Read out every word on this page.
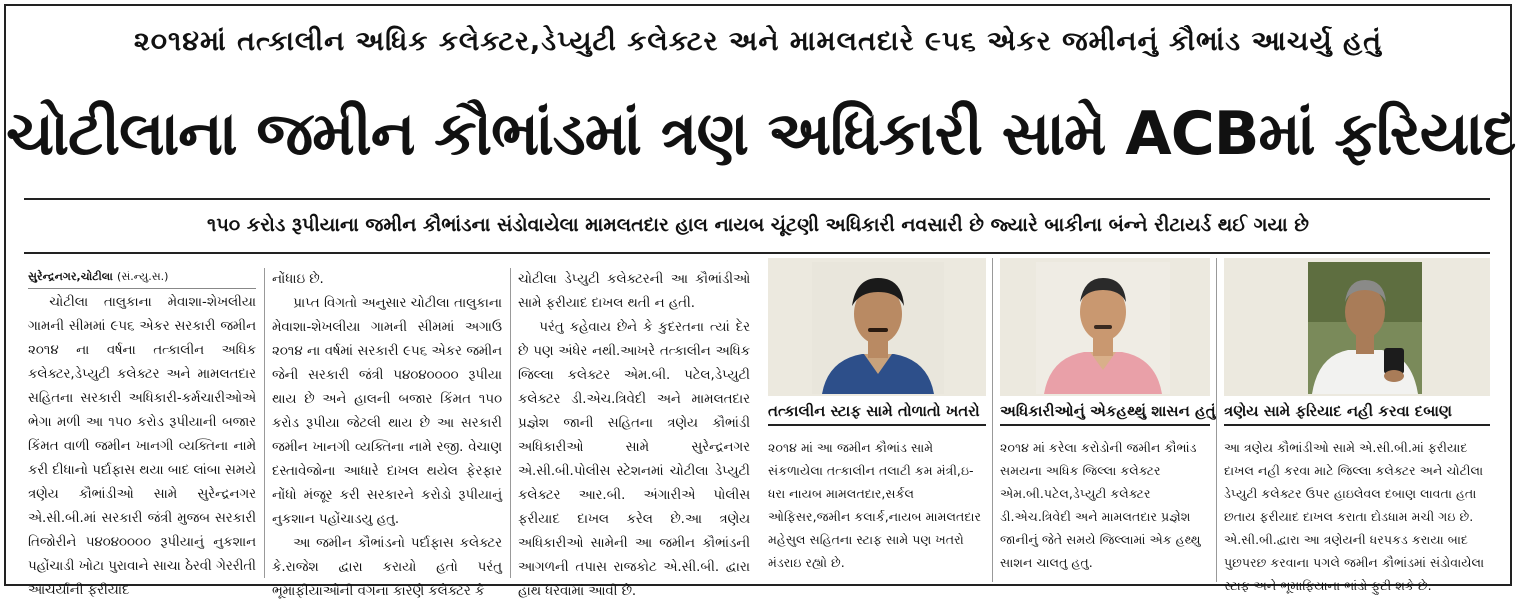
૨૦૧૪માં તત્કાલીન અધિક કલેક્ટર,ડેપ્યુટી કલેક્ટર અને મામલતદારે ૯૫૬ એકર જમીનનું કૌભાંડ આચર્યુ હતું
ચોટીલાના જમીન કૌભાંડમાં ત્રણ અધિકારી સામે ACBમાં ફરિયાદ
૧૫૦ કરોડ રૂપીયાના જમીન કૌભાંડના સંડોવાયેલા મામલતદાર હાલ નાયબ ચૂંટણી અધિકારી નવસારી છે જ્યારે બાકીના બંન્ને રીટાયર્ડ થઈ ગયા છે
સુરેન્દ્રનગર,ચોટીલા (સં.ન્યુ.સ.)

ચોટીલા તાલુકાના મેવાશા-શેખલીયા ગામની સીમમાં ૯૫૬ એકર સરકારી જમીન ૨૦૧૪ ના વર્ષના તત્કાલીન અધિક કલેક્ટર,ડેપ્યુટી કલેક્ટર અને મામલતદાર સહિતના સરકારી અધિકારી-કર્મચારીઓએ ભેગા મળી આ ૧૫૦ કરોડ રૂપીયાની બજાર કિંમત વાળી જમીન ખાનગી વ્યક્તિના નામે કરી દીધાનો પર્દાફાસ થયા બાદ લાંબા સમયે ત્રણેય કૌભાંડીઓ સામે સુરેન્દ્રનગર એ.સી.બી.માં સરકારી જંત્રી મુજબ સરકારી તિજોરીને ૫૪૦૪૦૦૦૦ રૂપીયાનું નુકશાન પહોંચાડી ખોટા પુરાવાને સાચા ઠેરવી ગેરરીતી આચર્યાની ફરીયાદ

નોંધાઇ છે.

પ્રાપ્ત વિગતો અનુસાર ચોટીલા તાલુકાના મેવાશા-શેખલીયા ગામની સીમમાં અગાઉ ૨૦૧૪ ના વર્ષમાં સરકારી ૯૫૬ એકર જમીન જેની સરકારી જંત્રી ૫૪૦૪૦૦૦૦ રૂપીયા થાય છે અને હાલની બજાર કિંમત ૧૫૦ કરોડ રૂપીયા જેટલી થાય છે આ સરકારી જમીન ખાનગી વ્યક્તિના નામે રજી. વેચાણ દસ્તાવેજોના આધારે દાખલ થયેલ ફેરફાર નોંધો મંજૂર કરી સરકારને કરોડો રૂપીયાનું નુકશાન પહોંચાડયુ હતુ.

આ જમીન કૌભાંડનો પર્દાફાસ કલેક્ટર કે.રાજેશ દ્વારા કરાયો હતો પરંતુ ભૂમાફીયાઓની વગના કારણે કલેક્ટર કે

ચોટીલા ડેપ્યુટી કલેક્ટરની આ કૌભાંડીઓ સામે ફરીયાદ દાખલ થતી ન હતી.

પરંતુ કહેવાય છેને કે કુદરતના ત્યાં દેર છે પણ અંધેર નથી.આખરે તત્કાલીન અધિક જિલ્લા કલેક્ટર એમ.બી. પટેલ,ડેપ્યુટી કલેક્ટર ડી.એચ.ત્રિવેદી અને મામલતદાર પ્રજ્ઞેશ જાની સહિતના ત્રણેય કૌભાંડી અધિકારીઓ સામે સુરેન્દ્રનગર એ.સી.બી.પોલીસ સ્ટેશનમાં ચોટીલા ડેપ્યુટી કલેક્ટર આર.બી. અંગારીએ પોલીસ ફરીયાદ દાખલ કરેલ છે.આ ત્રણેય અધિકારીઓ સામેની આ જમીન કૌભાંડની આગળની તપાસ રાજકોટ એ.સી.બી. દ્વારા હાથ ધરવામાં આવી છે.

તત્કાલીન સ્ટાફ સામે તોળાતો ખતરો
૨૦૧૪ માં આ જમીન કૌભાંડ સામે સંકળાયેલા તત્કાલીન તલાટી કમ મંત્રી,ઇ-ધરા નાયબ મામલતદાર,સર્કલ ઓફિસર,જમીન કલાર્ક,નાયબ મામલતદાર મહેસુલ સહિતના સ્ટાફ સામે પણ ખતરો મંડરાઇ રહ્યો છે.
અધિકારીઓનું એકહથ્થું શાસન હતું
૨૦૧૪ માં કરેલા કરોડોની જમીન કૌભાંડ સમયના અધિક જિલ્લા કલેક્ટર એમ.બી.પટેલ,ડેપ્યુટી કલેક્ટર ડી.એચ.ત્રિવેદી અને મામલતદાર પ્રજ્ઞેશ જાનીનું જેતે સમયે જિલ્લામાં એક હથ્થુ સાશન ચાલતુ હતુ.
ત્રણેય સામે ફરિયાદ નહી કરવા દબાણ
આ ત્રણેય કૌભાંડીઓ સામે એ.સી.બી.માં ફરીયાદ દાખલ નહી કરવા માટે જિલ્લા કલેક્ટર અને ચોટીલા ડેપ્યુટી કલેક્ટર ઉપર હાઇલેવલ દબાણ લાવતા હતા છતાય ફરીયાદ દાખલ કરાતા દોડધામ મચી ગઇ છે. એ.સી.બી.દ્વારા આ ત્રણેયની ધરપકડ કરાયા બાદ પુછપરછ કરવાના પગલે જમીન કૌભાંડમાં સંડોવાયેલા સ્ટાફ અને ભૂમાફિયાના ભાંડો ફુટી શકે છે.
